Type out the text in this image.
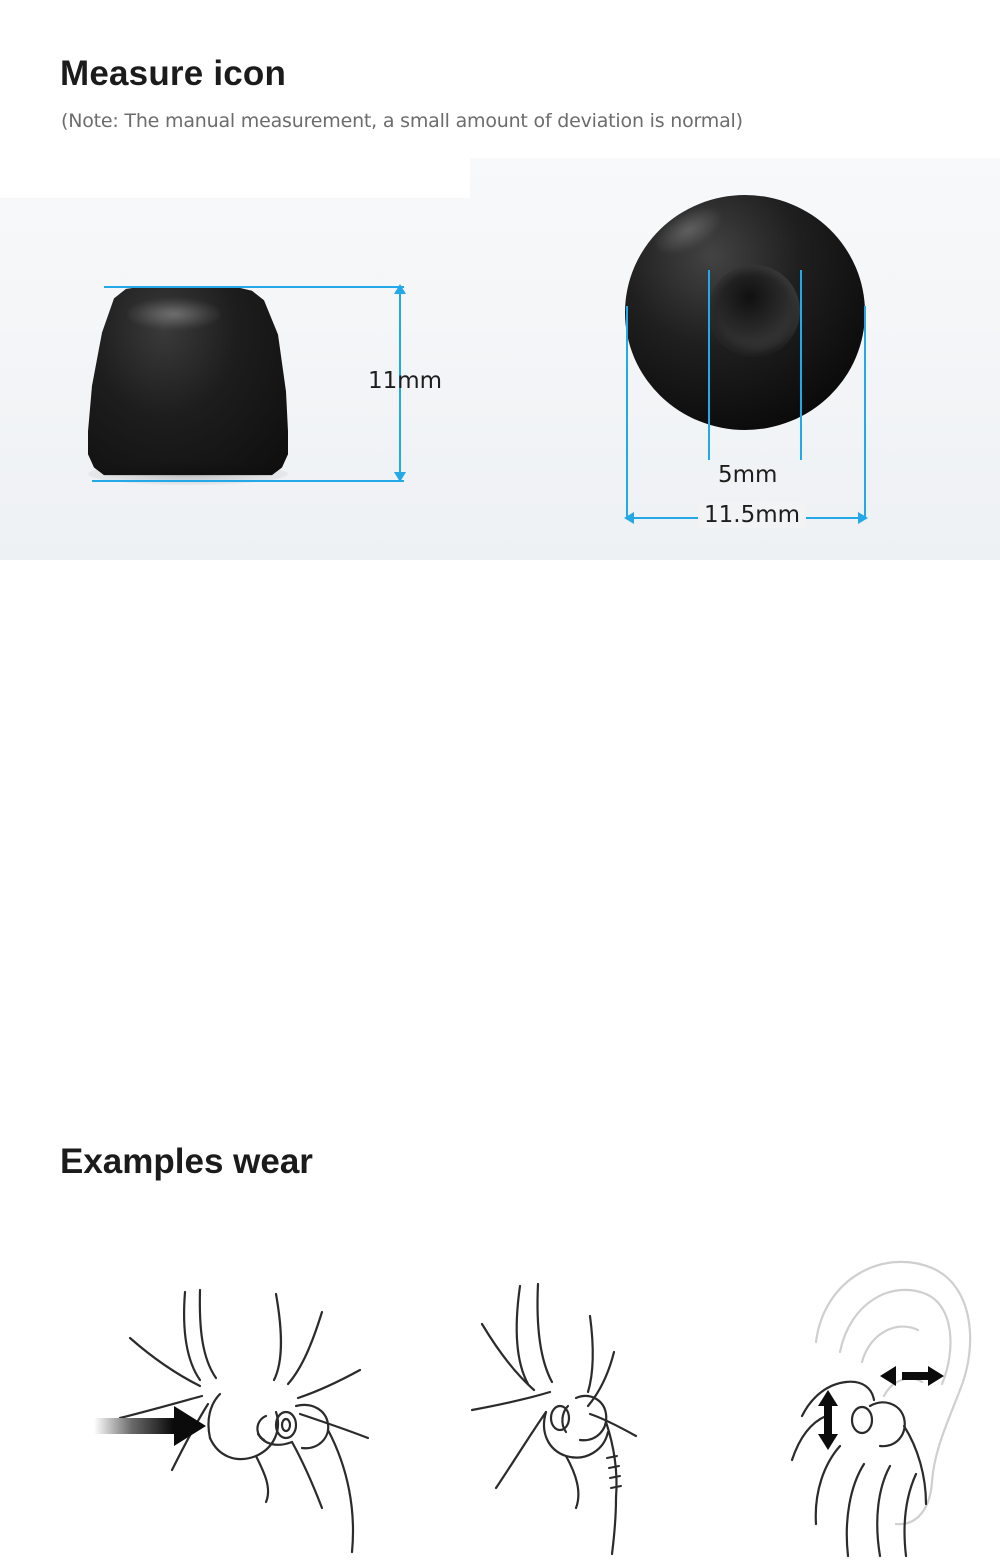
Measure icon
(Note: The manual measurement, a small amount of deviation is normal)
11mm
5mm
11.5mm
Examples wear
